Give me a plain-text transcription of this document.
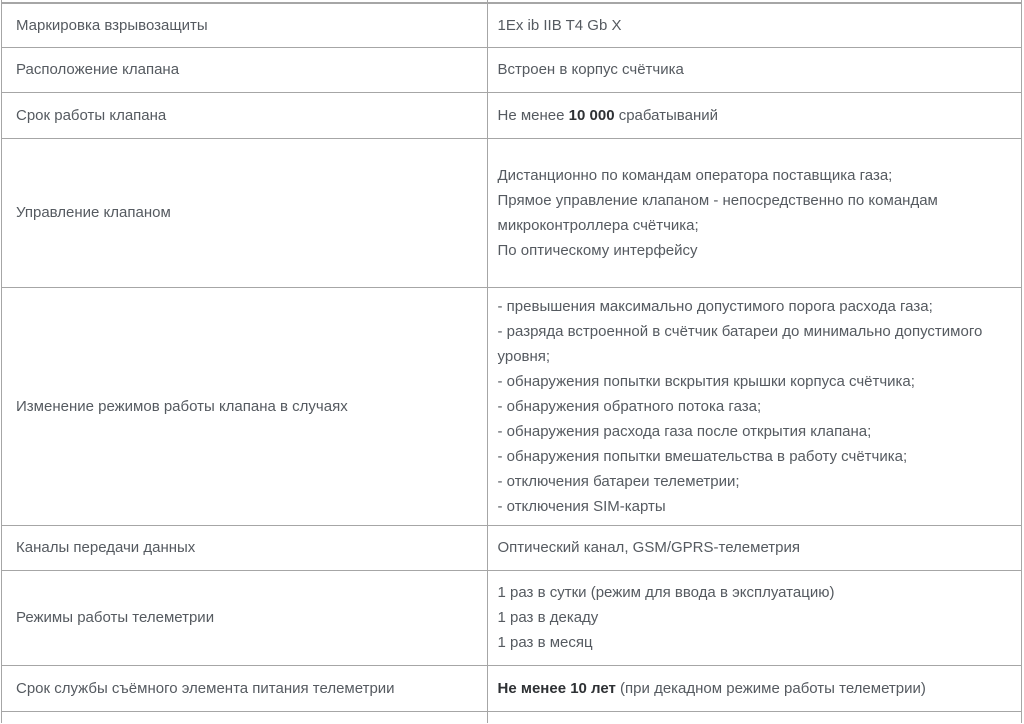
Маркировка взрывозащиты	1Ex ib IIB T4 Gb X
Расположение клапана	Встроен в корпус счётчика
Срок работы клапана	Не менее 10 000 срабатываний
Управление клапаном	Дистанционно по командам оператора поставщика газа;
Прямое управление клапаном - непосредственно по командам микроконтроллера счётчика;
По оптическому интерфейсу
Изменение режимов работы клапана в случаях	- превышения максимально допустимого порога расхода газа;
- разряда встроенной в счётчик батареи до минимально допустимого уровня;
- обнаружения попытки вскрытия крышки корпуса счётчика;
- обнаружения обратного потока газа;
- обнаружения расхода газа после открытия клапана;
- обнаружения попытки вмешательства в работу счётчика;
- отключения батареи телеметрии;
- отключения SIM-карты
Каналы передачи данных	Оптический канал, GSM/GPRS-телеметрия
Режимы работы телеметрии	1 раз в сутки (режим для ввода в эксплуатацию)
1 раз в декаду
1 раз в месяц
Срок службы съёмного элемента питания телеметрии	Не менее 10 лет (при декадном режиме работы телеметрии)
